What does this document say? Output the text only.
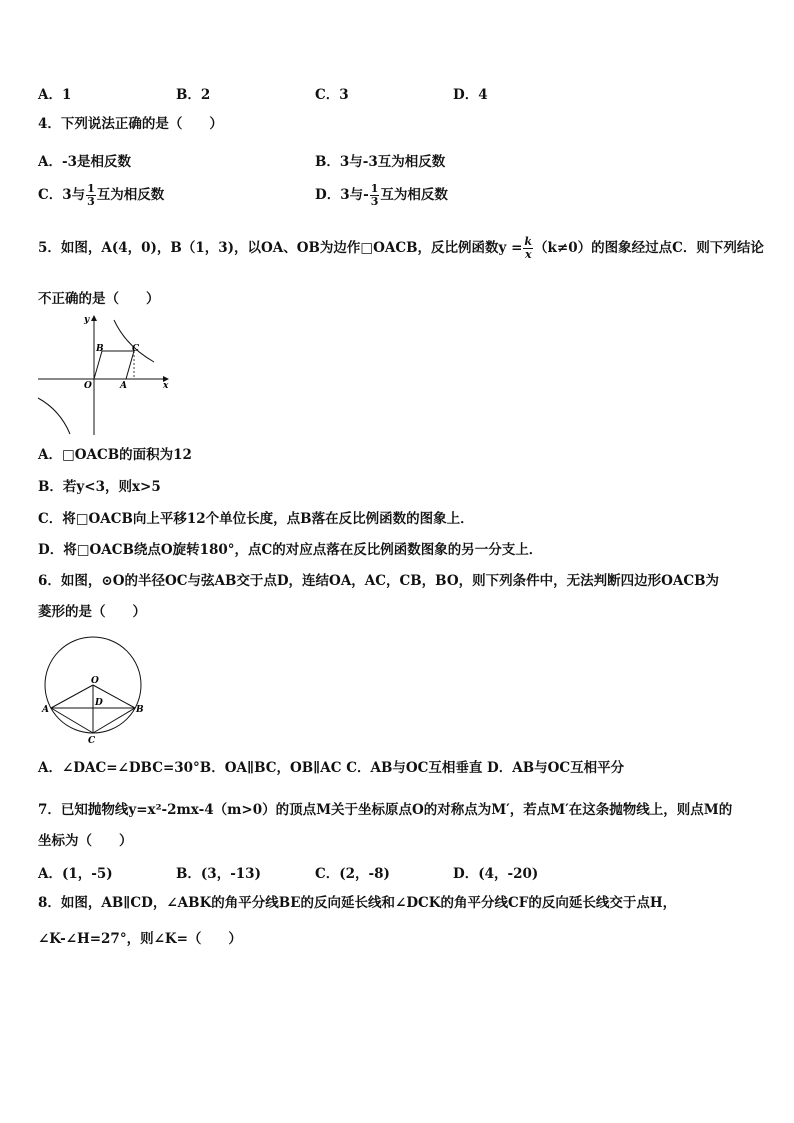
A．1	B．2	C．3	D．4
4．下列说法正确的是（　　）
A．-3是相反数	B．3与-3互为相反数
C．3与 $\frac{1}{3}$ 互为相反数	D．3与- $\frac{1}{3}$ 互为相反数
5．如图，A(4，0)，B（1，3)，以OA、OB为边作□OACB，反比例函数$y = \frac{k}{x} (k\ne 0)$的图象经过点C．则下列结论
不正确的是（　　）
y
x
O	A
B	C
A．□OACB的面积为12
B．若y<3，则x>5
C．将□OACB向上平移12个单位长度，点B落在反比例函数的图象上．
D．将□OACB绕点O旋转180°，点C的对应点落在反比例函数图象的另一分支上．
6．如图，⊙O的半径OC与弦AB交于点D，连结OA，AC，CB，BO，则下列条件中，无法判断四边形OACB为
菱形的是（　　）
O
A	B
C
D
A．∠DAC=∠DBC=30°B．OA∥BC，OB∥AC C．AB与OC互相垂直 D．AB与OC互相平分
7．已知抛物线y=x²-2mx-4（m>0）的顶点M关于坐标原点O的对称点为M′，若点M′在这条抛物线上，则点M的
坐标为（　　）
A．(1，-5)	B．(3，-13)	C．(2，-8)	D．(4，-20)
8．如图，AB∥CD，∠ABK的角平分线BE的反向延长线和∠DCK的角平分线CF的反向延长线交于点H，
∠K-∠H=27°，则∠K=（　　）
